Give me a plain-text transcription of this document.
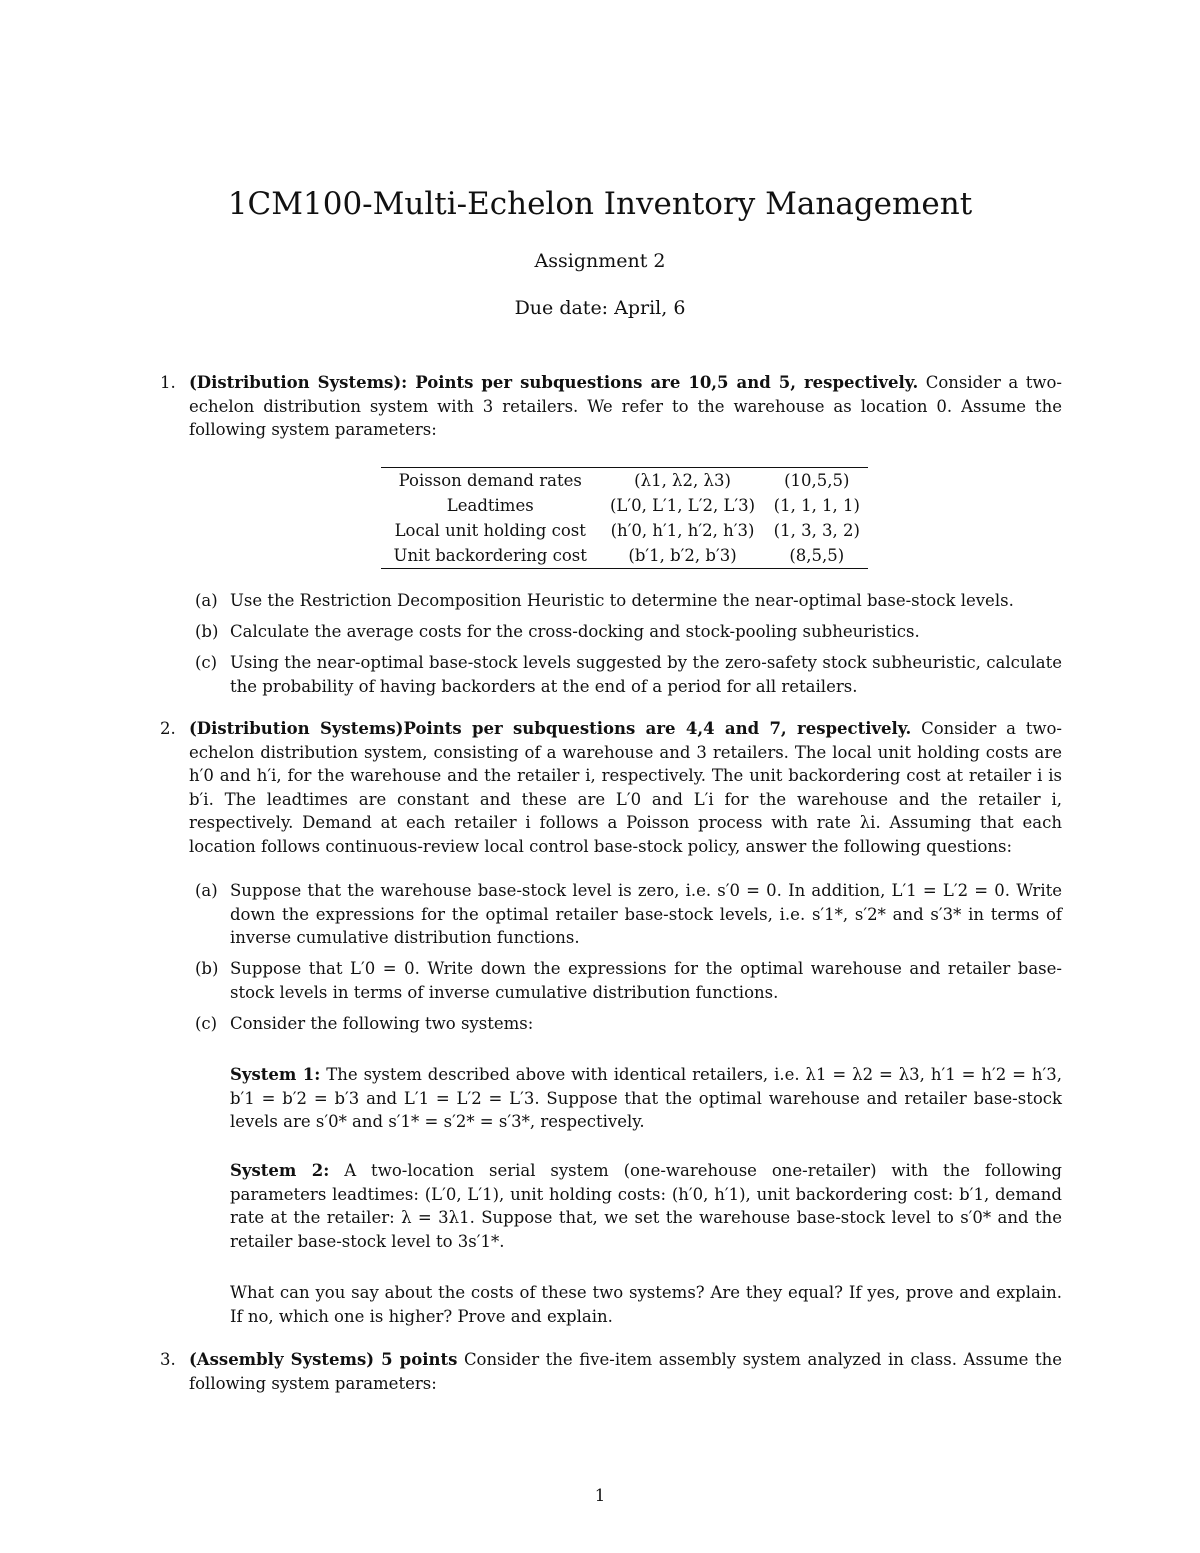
1CM100-Multi-Echelon Inventory Management
Assignment 2
Due date: April, 6
1. (Distribution Systems): Points per subquestions are 10,5 and 5, respectively. Consider a two-echelon distribution system with 3 retailers. We refer to the warehouse as location 0. Assume the following system parameters:
Poisson demand rates	(λ1, λ2, λ3)	(10,5,5)
Leadtimes	(L′0, L′1, L′2, L′3)	(1, 1, 1, 1)
Local unit holding cost	(h′0, h′1, h′2, h′3)	(1, 3, 3, 2)
Unit backordering cost	(b′1, b′2, b′3)	(8,5,5)
(a) Use the Restriction Decomposition Heuristic to determine the near-optimal base-stock levels.
(b) Calculate the average costs for the cross-docking and stock-pooling subheuristics.
(c) Using the near-optimal base-stock levels suggested by the zero-safety stock subheuristic, calculate the probability of having backorders at the end of a period for all retailers.
2. (Distribution Systems)Points per subquestions are 4,4 and 7, respectively. Consider a two-echelon distribution system, consisting of a warehouse and 3 retailers. The local unit holding costs are h′0 and h′i, for the warehouse and the retailer i, respectively. The unit backordering cost at retailer i is b′i. The leadtimes are constant and these are L′0 and L′i for the warehouse and the retailer i, respectively. Demand at each retailer i follows a Poisson process with rate λi. Assuming that each location follows continuous-review local control base-stock policy, answer the following questions:
(a) Suppose that the warehouse base-stock level is zero, i.e. s′0 = 0. In addition, L′1 = L′2 = 0. Write down the expressions for the optimal retailer base-stock levels, i.e. s′1*, s′2* and s′3* in terms of inverse cumulative distribution functions.
(b) Suppose that L′0 = 0. Write down the expressions for the optimal warehouse and retailer base-stock levels in terms of inverse cumulative distribution functions.
(c) Consider the following two systems:
System 1: The system described above with identical retailers, i.e. λ1 = λ2 = λ3, h′1 = h′2 = h′3, b′1 = b′2 = b′3 and L′1 = L′2 = L′3. Suppose that the optimal warehouse and retailer base-stock levels are s′0* and s′1* = s′2* = s′3*, respectively.
System 2: A two-location serial system (one-warehouse one-retailer) with the following parameters leadtimes: (L′0, L′1), unit holding costs: (h′0, h′1), unit backordering cost: b′1, demand rate at the retailer: λ = 3λ1. Suppose that, we set the warehouse base-stock level to s′0* and the retailer base-stock level to 3s′1*.
What can you say about the costs of these two systems? Are they equal? If yes, prove and explain. If no, which one is higher? Prove and explain.
3. (Assembly Systems) 5 points Consider the five-item assembly system analyzed in class. Assume the following system parameters:
1
